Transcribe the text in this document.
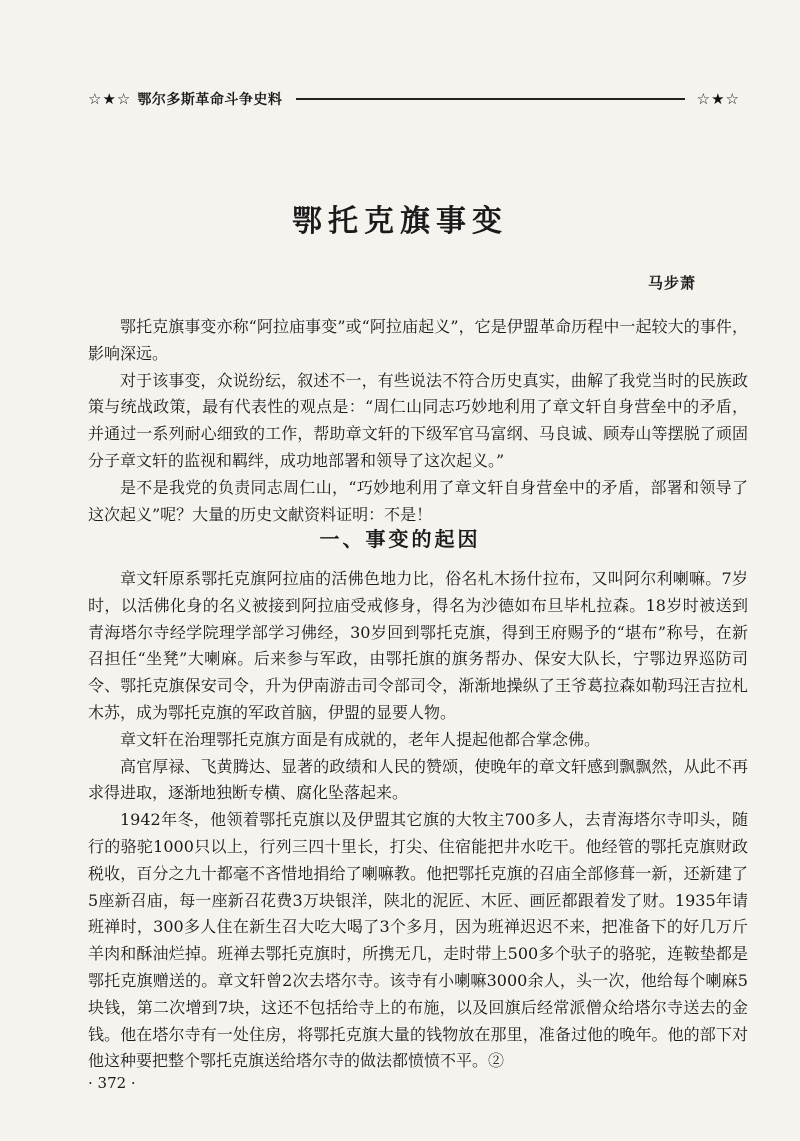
☆★☆ 鄂尔多斯革命斗争史料	☆★☆
鄂托克旗事变
马步萧

鄂托克旗事变亦称“阿拉庙事变”或“阿拉庙起义”，它是伊盟革命历程中一起较大的事件，影响深远。

对于该事变，众说纷纭，叙述不一，有些说法不符合历史真实，曲解了我党当时的民族政策与统战政策，最有代表性的观点是：“周仁山同志巧妙地利用了章文轩自身营垒中的矛盾，并通过一系列耐心细致的工作，帮助章文轩的下级军官马富纲、马良诚、顾寿山等摆脱了顽固分子章文轩的监视和羁绊，成功地部署和领导了这次起义。”

是不是我党的负责同志周仁山，“巧妙地利用了章文轩自身营垒中的矛盾，部署和领导了这次起义”呢？大量的历史文献资料证明：不是！

一、事变的起因

章文轩原系鄂托克旗阿拉庙的活佛色地力比，俗名札木扬什拉布，又叫阿尔利喇嘛。7岁时，以活佛化身的名义被接到阿拉庙受戒修身，得名为沙德如布旦毕札拉森。18岁时被送到青海塔尔寺经学院理学部学习佛经，30岁回到鄂托克旗，得到王府赐予的“堪布”称号，在新召担任“坐凳”大喇麻。后来参与军政，由鄂托旗的旗务帮办、保安大队长，宁鄂边界巡防司令、鄂托克旗保安司令，升为伊南游击司令部司令，渐渐地操纵了王爷葛拉森如勒玛汪吉拉札木苏，成为鄂托克旗的军政首脑，伊盟的显要人物。

章文轩在治理鄂托克旗方面是有成就的，老年人提起他都合掌念佛。

高官厚禄、飞黄腾达、显著的政绩和人民的赞颂，使晚年的章文轩感到飘飘然，从此不再求得进取，逐渐地独断专横、腐化坠落起来。

1942年冬，他领着鄂托克旗以及伊盟其它旗的大牧主700多人，去青海塔尔寺叩头，随行的骆驼1000只以上，行列三四十里长，打尖、住宿能把井水吃干。他经管的鄂托克旗财政税收，百分之九十都毫不吝惜地捐给了喇嘛教。他把鄂托克旗的召庙全部修葺一新，还新建了5座新召庙，每一座新召花费3万块银洋，陕北的泥匠、木匠、画匠都跟着发了财。1935年请班禅时，300多人住在新生召大吃大喝了3个多月，因为班禅迟迟不来，把准备下的好几万斤羊肉和酥油烂掉。班禅去鄂托克旗时，所携无几，走时带上500多个驮子的骆驼，连鞍垫都是鄂托克旗赠送的。章文轩曾2次去塔尔寺。该寺有小喇嘛3000余人，头一次，他给每个喇麻5块钱，第二次增到7块，这还不包括给寺上的布施，以及回旗后经常派僧众给塔尔寺送去的金钱。他在塔尔寺有一处住房，将鄂托克旗大量的钱物放在那里，准备过他的晚年。他的部下对他这种要把整个鄂托克旗送给塔尔寺的做法都愤愤不平。②

· 372 ·
